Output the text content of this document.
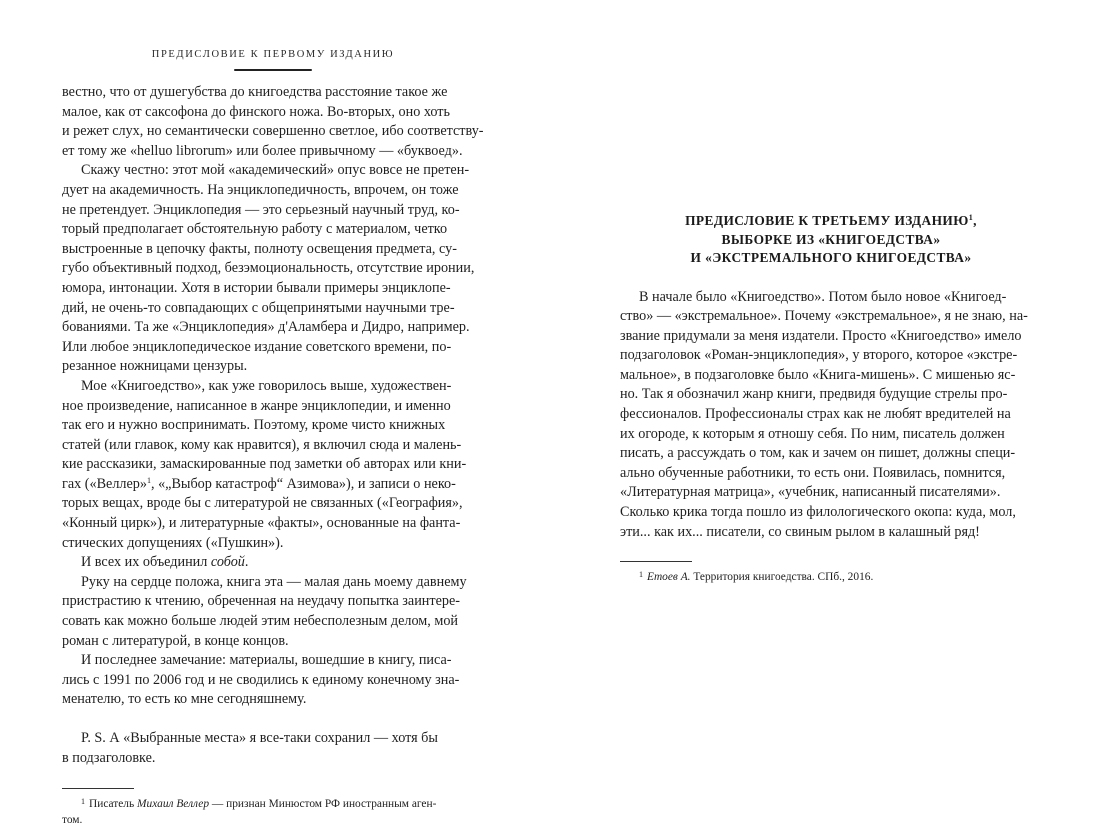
ПРЕДИСЛОВИЕ К ПЕРВОМУ ИЗДАНИЮ

вестно, что от душегубства до книгоедства расстояние такое же
малое, как от саксофона до финского ножа. Во-вторых, оно хоть
и режет слух, но семантически совершенно светлое, ибо соответству-
ет тому же «helluo librorum» или более привычному — «буквоед».

Скажу честно: этот мой «академический» опус вовсе не претен-
дует на академичность. На энциклопедичность, впрочем, он тоже
не претендует. Энциклопедия — это серьезный научный труд, ко-
торый предполагает обстоятельную работу с материалом, четко
выстроенные в цепочку факты, полноту освещения предмета, су-
губо объективный подход, безэмоциональность, отсутствие иронии,
юмора, интонации. Хотя в истории бывали примеры энциклопе-
дий, не очень-то совпадающих с общепринятыми научными тре-
бованиями. Та же «Энциклопедия» д'Аламбера и Дидро, например.
Или любое энциклопедическое издание советского времени, по-
резанное ножницами цензуры.

Мое «Книгоедство», как уже говорилось выше, художествен-
ное произведение, написанное в жанре энциклопедии, и именно
так его и нужно воспринимать. Поэтому, кроме чисто книжных
статей (или главок, кому как нравится), я включил сюда и малень-
кие рассказики, замаскированные под заметки об авторах или кни-
гах («Веллер»$^1$, «„Выбор катастроф“ Азимова»), и записи о неко-
торых вещах, вроде бы с литературой не связанных («География»,
«Конный цирк»), и литературные «факты», основанные на фанта-
стических допущениях («Пушкин»).

И всех их объединил собой.

Руку на сердце положа, книга эта — малая дань моему давнему
пристрастию к чтению, обреченная на неудачу попытка заинтере-
совать как можно больше людей этим небесполезным делом, мой
роман с литературой, в конце концов.

И последнее замечание: материалы, вошедшие в книгу, писа-
лись с 1991 по 2006 год и не сводились к единому конечному зна-
менателю, то есть ко мне сегодняшнему.

P. S. А «Выбранные места» я все-таки сохранил — хотя бы
в подзаголовке.

$^1$ Писатель Михаил Веллер — признан Минюстом РФ иностранным аген-
том.
ПРЕДИСЛОВИЕ К ТРЕТЬЕМУ ИЗДАНИЮ$^1$,
ВЫБОРКЕ ИЗ «КНИГОЕДСТВА»
И «ЭКСТРЕМАЛЬНОГО КНИГОЕДСТВА»

В начале было «Книгоедство». Потом было новое «Книгоед-
ство» — «экстремальное». Почему «экстремальное», я не знаю, на-
звание придумали за меня издатели. Просто «Книгоедство» имело
подзаголовок «Роман-энциклопедия», у второго, которое «экстре-
мальное», в подзаголовке было «Книга-мишень». С мишенью яс-
но. Так я обозначил жанр книги, предвидя будущие стрелы про-
фессионалов. Профессионалы страх как не любят вредителей на
их огороде, к которым я отношу себя. По ним, писатель должен
писать, а рассуждать о том, как и зачем он пишет, должны специ-
ально обученные работники, то есть они. Появилась, помнится,
«Литературная матрица», «учебник, написанный писателями».
Сколько крика тогда пошло из филологического окопа: куда, мол,
эти... как их... писатели, со свиным рылом в калашный ряд!

$^1$ Етоев А. Территория книгоедства. СПб., 2016.
